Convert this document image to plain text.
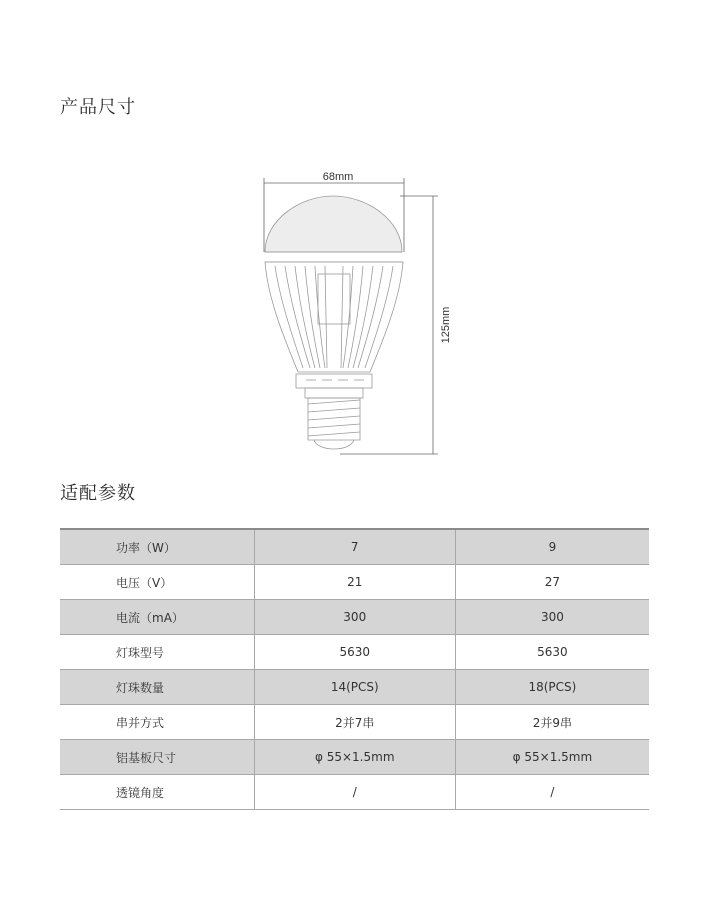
产品尺寸
68mm
125mm
适配参数
功率（W）	7	9
电压（V）	21	27
电流（mA）	300	300
灯珠型号	5630	5630
灯珠数量	14(PCS)	18(PCS)
串并方式	2并7串	2并9串
铝基板尺寸	φ 55×1.5mm	φ 55×1.5mm
透镜角度	/	/
